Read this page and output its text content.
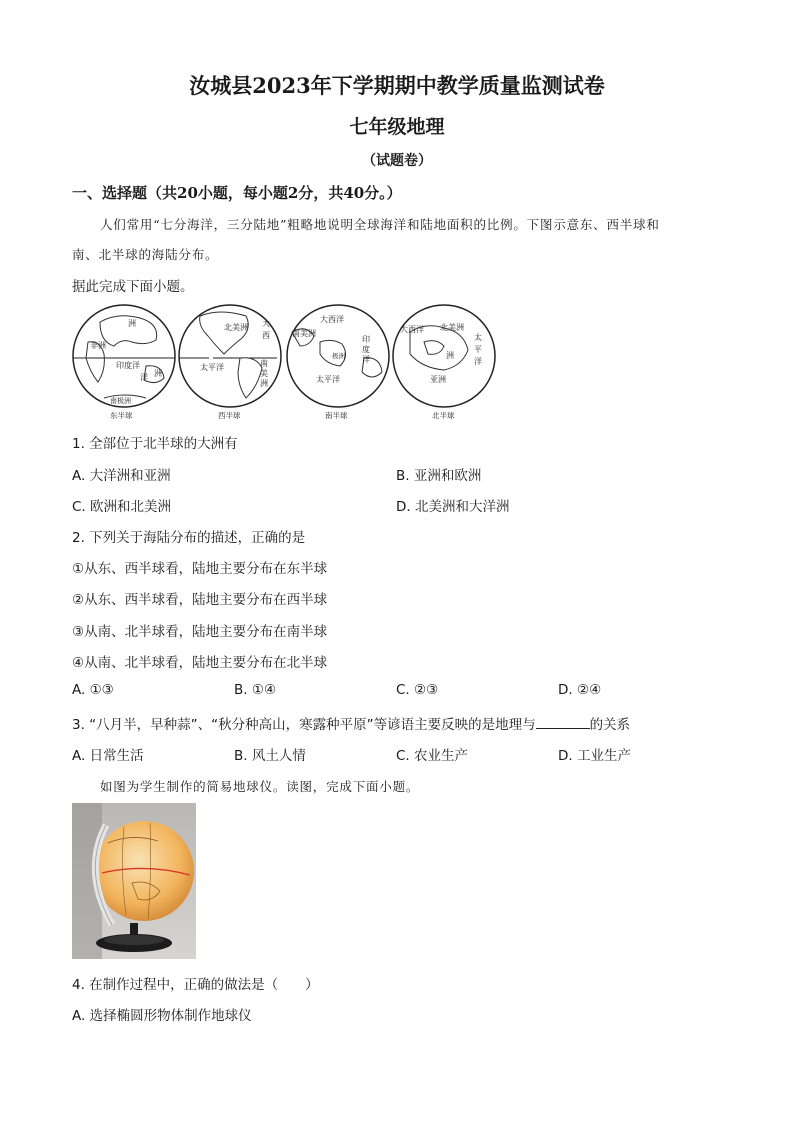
汝城县2023年下学期期中教学质量监测试卷
七年级地理
（试题卷）
一、选择题（共20小题，每小题2分，共40分。）
人们常用“七分海洋，三分陆地”粗略地说明全球海洋和陆地面积的比例。下图示意东、西半球和
南、北半球的海陆分布。
据此完成下面小题。
洲
非洲
印度洋
洋 洲
南极洲
东半球
北美洲 大
西
南
美
洲
太平洋
西半球
南美洲
大西洋
印
度
洋
极洲
太平洋
南半球
大西洋 北美洲
太
平
洋
洲
亚洲
北半球
1. 全部位于北半球的大洲有
A. 大洋洲和亚洲	B. 亚洲和欧洲
C. 欧洲和北美洲	D. 北美洲和大洋洲
2. 下列关于海陆分布的描述，正确的是
①从东、西半球看，陆地主要分布在东半球
②从东、西半球看，陆地主要分布在西半球
③从南、北半球看，陆地主要分布在南半球
④从南、北半球看，陆地主要分布在北半球
A. ①③	B. ①④	C. ②③	D. ②④
3. “八月半，早种蒜”、“秋分种高山，寒露种平原”等谚语主要反映的是地理与	的关系
A. 日常生活	B. 风土人情	C. 农业生产	D. 工业生产
如图为学生制作的简易地球仪。读图，完成下面小题。
4. 在制作过程中，正确的做法是（　　）
A. 选择椭圆形物体制作地球仪
